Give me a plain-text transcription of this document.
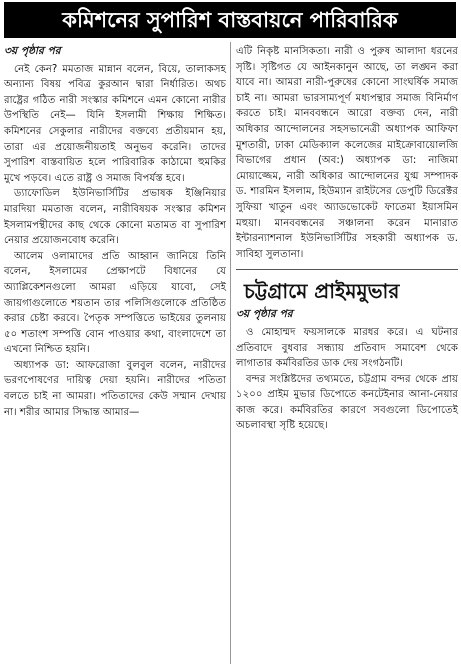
কমিশনের সুপারিশ বাস্তবায়নে পারিবারিক

৩য় পৃষ্ঠার পর

নেই কেন? মমতাজ মান্নান বলেন, বিয়ে, তালাকসহ অন্যান্য বিষয় পবিত্র কুরআন দ্বারা নির্ধারিত। অথচ রাষ্ট্রের গঠিত নারী সংস্কার কমিশনে এমন কোনো নারীর উপস্থিতি নেই— যিনি ইসলামী শিক্ষায় শিক্ষিত। কমিশনের সেকুলার নারীদের বক্তব্যে প্রতীয়মান হয়, তারা এর প্রয়োজনীয়তাই অনুভব করেনি। তাদের সুপারিশ বাস্তবায়িত হলে পারিবারিক কাঠামো হুমকির মুখে পড়বে। এতে রাষ্ট্র ও সমাজ বিপর্যস্ত হবে।

ড্যাফোডিল ইউনিভার্সিটির প্রভাষক ইঞ্জিনিয়ার মারদিয়া মমতাজ বলেন, নারীবিষয়ক সংস্কার কমিশন ইসলামপন্থীদের কাছ থেকে কোনো মতামত বা সুপারিশ নেয়ার প্রয়োজনবোধ করেনি।

আলেম ওলামাদের প্রতি আহ্বান জানিয়ে তিনি বলেন, ইসলামের প্রেক্ষাপটে বিধানের যে অ্যাপ্লিকেশনগুলো আমরা এড়িয়ে যাবো, সেই জায়গাগুলোতে শয়তান তার পলিসিগুলোকে প্রতিষ্ঠিত করার চেষ্টা করবে। পৈতৃক সম্পত্তিতে ভাইয়ের তুলনায় ৫০ শতাংশ সম্পত্তি বোন পাওয়ার কথা, বাংলাদেশে তা এখনো নিশ্চিত হয়নি।

অধ্যাপক ডা: আফরোজা বুলবুল বলেন, নারীদের ভরণপোষণের দায়িত্ব দেয়া হয়নি। নারীদের পতিতা বলতে চাই না আমরা। পতিতাদের কেউ সম্মান দেখায় না। শরীর আমার সিদ্ধান্ত আমার—

এটি নিকৃষ্ট মানসিকতা। নারী ও পুরুষ আলাদা ধরনের সৃষ্টি। সৃষ্টিগত যে আইনকানুন আছে, তা লঙ্ঘন করা যাবে না। আমরা নারী-পুরুষের কোনো সাংঘর্ষিক সমাজ চাই না। আমরা ভারসাম্যপূর্ণ মধ্যপন্থার সমাজ বিনির্মাণ করতে চাই। মানববন্ধনে আরো বক্তব্য দেন, নারী অধিকার আন্দোলনের সহসভানেত্রী অধ্যাপক আফিফা মুশতারী, ঢাকা মেডিক্যাল কলেজের মাইক্রোবায়োলজি বিভাগের প্রধান (অব:) অধ্যাপক ডা: নাজিমা মোয়াজ্জেম, নারী অধিকার আন্দোলনের যুগ্ম সম্পাদক ড. শারমিন ইসলাম, হিউম্যান রাইটসের ডেপুটি ডিরেক্টর সুফিয়া খাতুন এবং অ্যাডভোকেট ফাতেমা ইয়াসমিন মহুয়া। মানববন্ধনের সঞ্চালনা করেন মানারাত ইন্টারন্যাশনাল ইউনিভার্সিটির সহকারী অধ্যাপক ড. সাবিহা সুলতানা।

চট্টগ্রামে প্রাইমমুভার

৩য় পৃষ্ঠার পর

ও মোহাম্মদ ফয়সালকে মারধর করে। এ ঘটনার প্রতিবাদে বুধবার সন্ধ্যায় প্রতিবাদ সমাবেশ থেকে লাগাতার কর্মবিরতির ডাক দেয় সংগঠনটি।

বন্দর সংশ্লিষ্টদের তথ্যমতে, চট্টগ্রাম বন্দর থেকে প্রায় ১২০০ প্রাইম মুভার ডিপোতে কনটেইনার আনা-নেয়ার কাজ করে। কর্মবিরতির কারণে সবগুলো ডিপোতেই অচলাবস্থা সৃষ্টি হয়েছে।
